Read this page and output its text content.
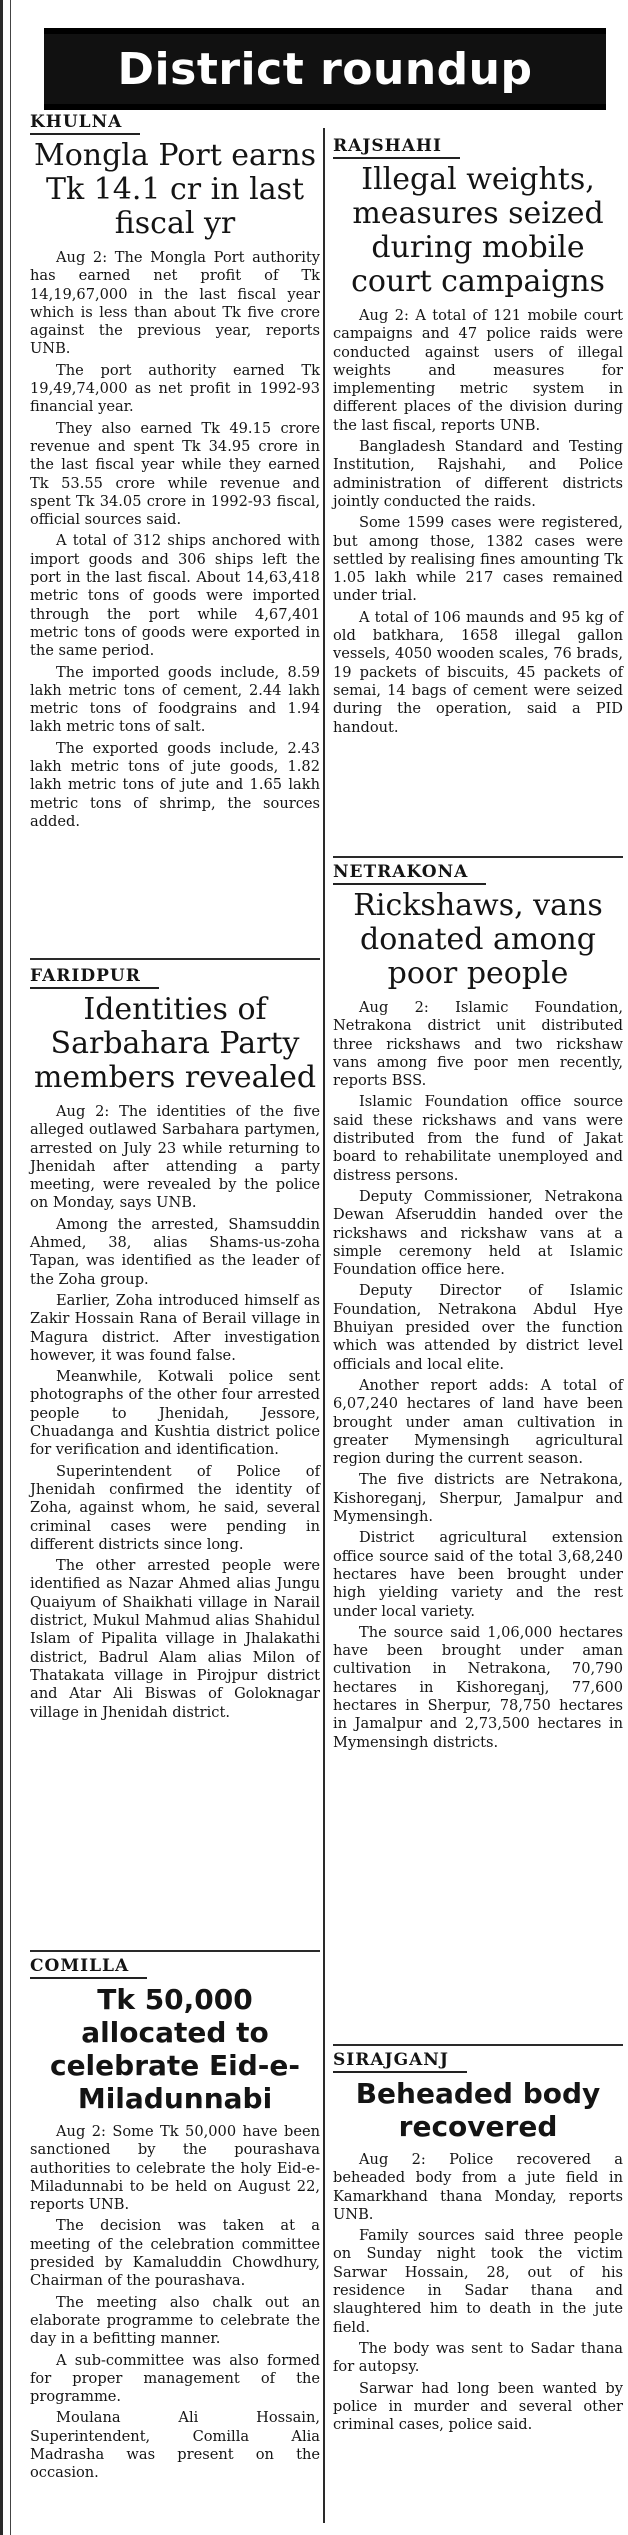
District roundup
KHULNA
Mongla Port earns Tk 14.1 cr in last fiscal yr

Aug 2: The Mongla Port authority has earned net profit of Tk 14,19,67,000 in the last fiscal year which is less than about Tk five crore against the previous year, reports UNB.

The port authority earned Tk 19,49,74,000 as net profit in 1992-93 financial year.

They also earned Tk 49.15 crore revenue and spent Tk 34.95 crore in the last fiscal year while they earned Tk 53.55 crore while revenue and spent Tk 34.05 crore in 1992-93 fiscal, official sources said.

A total of 312 ships anchored with import goods and 306 ships left the port in the last fiscal. About 14,63,418 metric tons of goods were imported through the port while 4,67,401 metric tons of goods were exported in the same period.

The imported goods include, 8.59 lakh metric tons of cement, 2.44 lakh metric tons of foodgrains and 1.94 lakh metric tons of salt.

The exported goods include, 2.43 lakh metric tons of jute goods, 1.82 lakh metric tons of jute and 1.65 lakh metric tons of shrimp, the sources added.

FARIDPUR
Identities of Sarbahara Party members revealed

Aug 2: The identities of the five alleged outlawed Sarbahara partymen, arrested on July 23 while returning to Jhenidah after attending a party meeting, were revealed by the police on Monday, says UNB.

Among the arrested, Shamsuddin Ahmed, 38, alias Shams-us-zoha Tapan, was identified as the leader of the Zoha group.

Earlier, Zoha introduced himself as Zakir Hossain Rana of Berail village in Magura district. After investigation however, it was found false.

Meanwhile, Kotwali police sent photographs of the other four arrested people to Jhenidah, Jessore, Chuadanga and Kushtia district police for verification and identification.

Superintendent of Police of Jhenidah confirmed the identity of Zoha, against whom, he said, several criminal cases were pending in different districts since long.

The other arrested people were identified as Nazar Ahmed alias Jungu Quaiyum of Shaikhati village in Narail district, Mukul Mahmud alias Shahidul Islam of Pipalita village in Jhalakathi district, Badrul Alam alias Milon of Thatakata village in Pirojpur district and Atar Ali Biswas of Goloknagar village in Jhenidah district.

COMILLA
Tk 50,000 allocated to celebrate Eid-e-Miladunnabi

Aug 2: Some Tk 50,000 have been sanctioned by the pourashava authorities to celebrate the holy Eid-e-Miladunnabi to be held on August 22, reports UNB.

The decision was taken at a meeting of the celebration committee presided by Kamaluddin Chowdhury, Chairman of the pourashava.

The meeting also chalk out an elaborate programme to celebrate the day in a befitting manner.

A sub-committee was also formed for proper management of the programme.

Moulana Ali Hossain, Superintendent, Comilla Alia Madrasha was present on the occasion.

RAJSHAHI
Illegal weights, measures seized during mobile court campaigns

Aug 2: A total of 121 mobile court campaigns and 47 police raids were conducted against users of illegal weights and measures for implementing metric system in different places of the division during the last fiscal, reports UNB.

Bangladesh Standard and Testing Institution, Rajshahi, and Police administration of different districts jointly conducted the raids.

Some 1599 cases were registered, but among those, 1382 cases were settled by realising fines amounting Tk 1.05 lakh while 217 cases remained under trial.

A total of 106 maunds and 95 kg of old batkhara, 1658 illegal gallon vessels, 4050 wooden scales, 76 brads, 19 packets of biscuits, 45 packets of semai, 14 bags of cement were seized during the operation, said a PID handout.

NETRAKONA
Rickshaws, vans donated among poor people

Aug 2: Islamic Foundation, Netrakona district unit distributed three rickshaws and two rickshaw vans among five poor men recently, reports BSS.

Islamic Foundation office source said these rickshaws and vans were distributed from the fund of Jakat board to rehabilitate unemployed and distress persons.

Deputy Commissioner, Netrakona Dewan Afseruddin handed over the rickshaws and rickshaw vans at a simple ceremony held at Islamic Foundation office here.

Deputy Director of Islamic Foundation, Netrakona Abdul Hye Bhuiyan presided over the function which was attended by district level officials and local elite.

Another report adds: A total of 6,07,240 hectares of land have been brought under aman cultivation in greater Mymensingh agricultural region during the current season.

The five districts are Netrakona, Kishoreganj, Sherpur, Jamalpur and Mymensingh.

District agricultural extension office source said of the total 3,68,240 hectares have been brought under high yielding variety and the rest under local variety.

The source said 1,06,000 hectares have been brought under aman cultivation in Netrakona, 70,790 hectares in Kishoreganj, 77,600 hectares in Sherpur, 78,750 hectares in Jamalpur and 2,73,500 hectares in Mymensingh districts.

SIRAJGANJ
Beheaded body recovered

Aug 2: Police recovered a beheaded body from a jute field in Kamarkhand thana Monday, reports UNB.

Family sources said three people on Sunday night took the victim Sarwar Hossain, 28, out of his residence in Sadar thana and slaughtered him to death in the jute field.

The body was sent to Sadar thana for autopsy.

Sarwar had long been wanted by police in murder and several other criminal cases, police said.
